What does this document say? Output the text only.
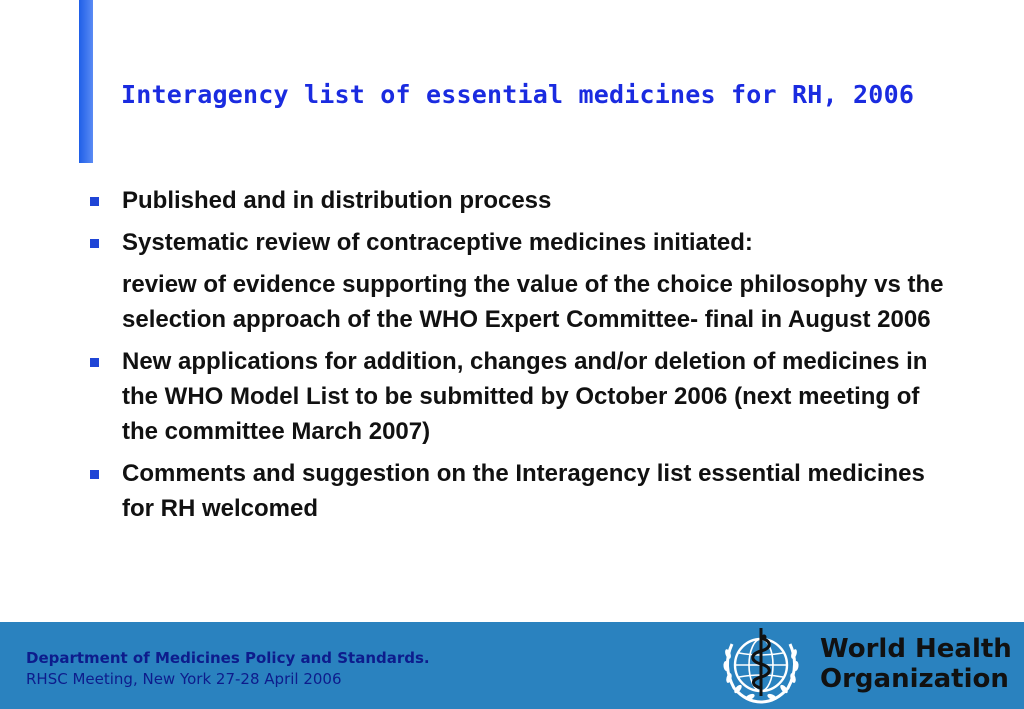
Interagency list of essential medicines for RH, 2006
Published and in distribution process
Systematic review of contraceptive medicines initiated:
review of evidence supporting the value of the choice philosophy vs the selection approach of the WHO Expert Committee- final in August 2006
New applications for addition, changes and/or deletion of medicines in the WHO Model List to be submitted by October 2006 (next meeting of the committee March 2007)
Comments and suggestion on the Interagency list essential medicines for RH welcomed
Department of Medicines Policy and Standards.
RHSC Meeting, New York 27-28 April 2006
World Health
Organization
